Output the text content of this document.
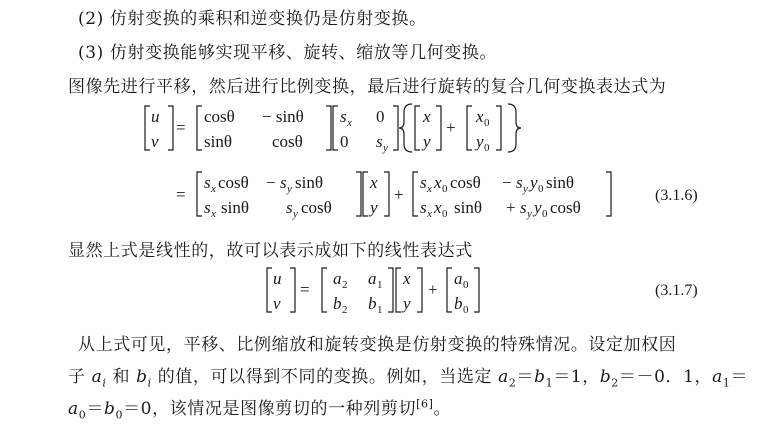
(2) 仿射变换的乘积和逆变换仍是仿射变换。
(3) 仿射变换能够实现平移、旋转、缩放等几何变换。
图像先进行平移，然后进行比例变换，最后进行旋转的复合几何变换表达式为
显然上式是线性的，故可以表示成如下的线性表达式
从上式可见，平移、比例缩放和旋转变换是仿射变换的特殊情况。设定加权因
子 $a_i$ 和 $b_i$ 的值，可以得到不同的变换。例如，当选定 $a_2=b_1=1$，$b_2=-0$．1，$a_1=$
$a_0=b_0=0$，该情况是图像剪切的一种列剪切[6]。
u
v
=
cosθ − sinθ
sinθ cosθ
s x 0
0 s y
x
y
+
x 0
y 0
=
s x cosθ − s y sinθ
s x sinθ s y cosθ
x
y
+
s x x 0 cosθ − s y y 0 sinθ
s x x 0 sinθ + s y y 0 cosθ
(3.1.6)
u
v
=
a 2 a 1
b 2 b 1
x
y
+
a 0
b 0
(3.1.7)
